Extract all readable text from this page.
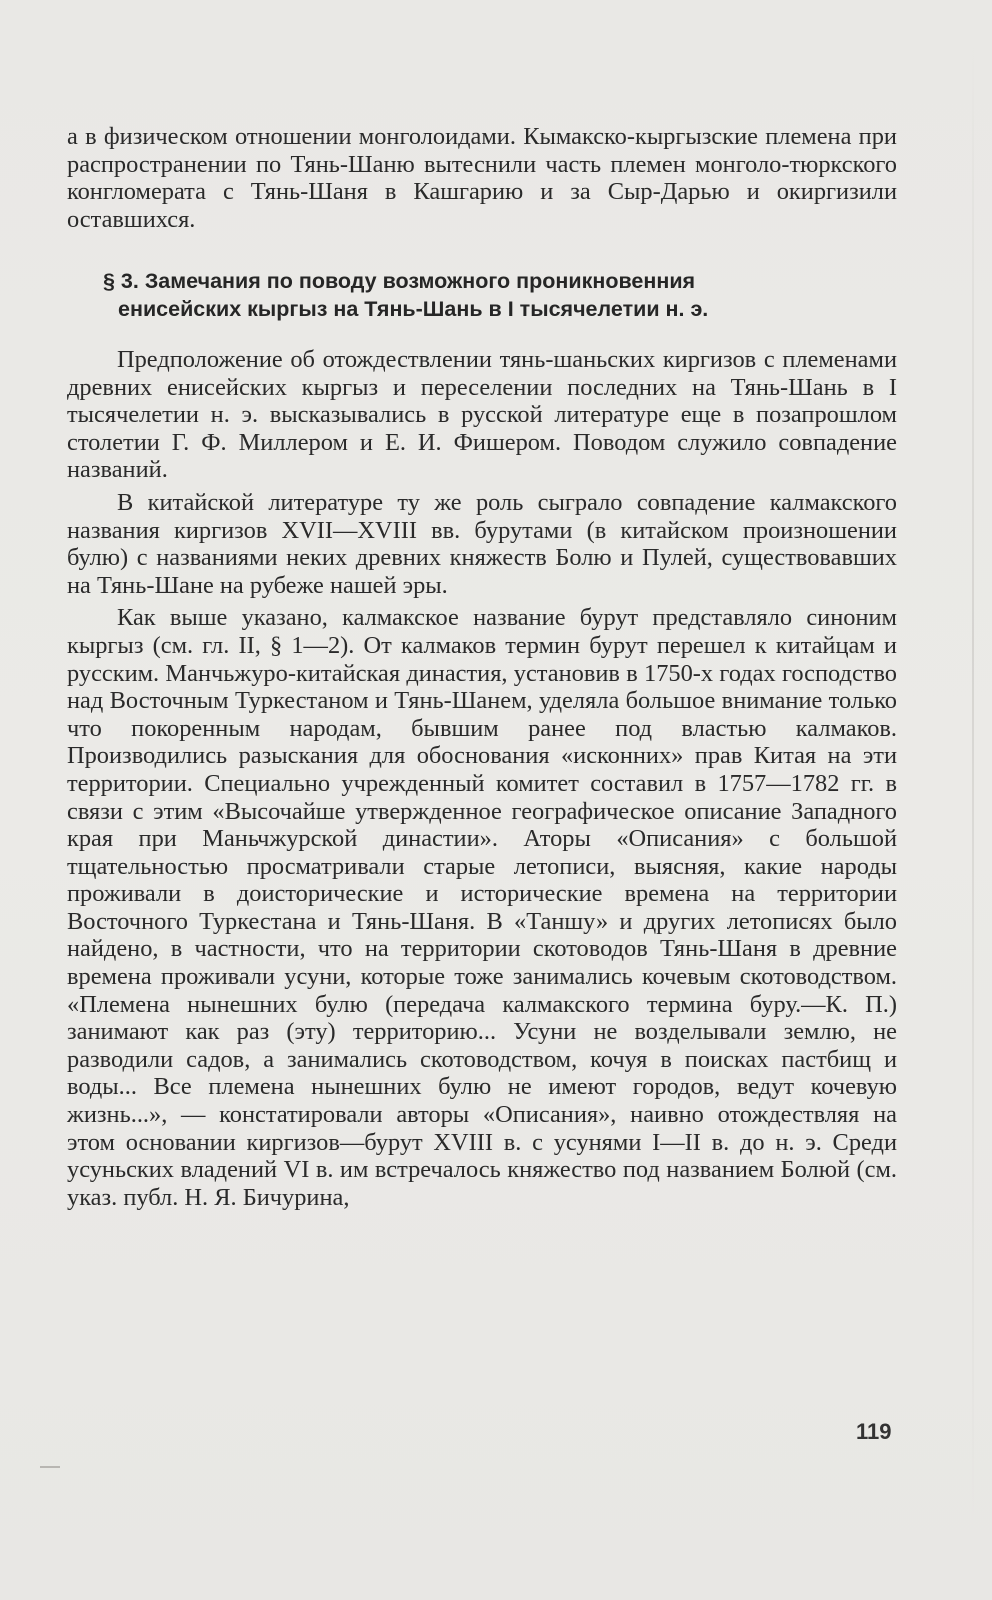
а в физическом отношении монголоидами. Кымакско-кыргызские племена при распространении по Тянь-Шаню вытеснили часть племен монголо-тюркского конгломерата с Тянь-Шаня в Кашгарию и за Сыр-Дарью и окиргизили оставшихся.

§ 3. Замечания по поводу возможного проникновенния
енисейских кыргыз на Тянь-Шань в I тысячелетии н. э.

Предположение об отождествлении тянь-шаньских киргизов с племенами древних енисейских кыргыз и переселении последних на Тянь-Шань в I тысячелетии н. э. высказывались в русской литературе еще в позапрошлом столетии Г. Ф. Миллером и Е. И. Фишером. Поводом служило совпадение названий.

В китайской литературе ту же роль сыграло совпадение калмакского названия киргизов XVII—XVIII вв. бурутами (в китайском произношении булю) с названиями неких древних княжеств Болю и Пулей, существовавших на Тянь-Шане на рубеже нашей эры.

Как выше указано, калмакское название бурут представляло синоним кыргыз (см. гл. II, § 1—2). От калмаков термин бурут перешел к китайцам и русским. Манчьжуро-китайская династия, установив в 1750-х годах господство над Восточным Туркестаном и Тянь-Шанем, уделяла большое внимание только что покоренным народам, бывшим ранее под властью калмаков. Производились разыскания для обоснования «исконних» прав Китая на эти территории. Специально учрежденный комитет составил в 1757—1782 гг. в связи с этим «Высочайше утвержденное географическое описание Западного края при Маньчжурской династии». Аторы «Описания» с большой тщательностью просматривали старые летописи, выясняя, какие народы проживали в доисторические и исторические времена на территории Восточного Туркестана и Тянь-Шаня. В «Таншу» и других летописях было найдено, в частности, что на территории скотоводов Тянь-Шаня в древние времена проживали усуни, которые тоже занимались кочевым скотоводством. «Племена нынешних булю (передача калмакского термина буру.—К. П.) занимают как раз (эту) территорию... Усуни не возделывали землю, не разводили садов, а занимались скотоводством, кочуя в поисках пастбищ и воды... Все племена нынешних булю не имеют городов, ведут кочевую жизнь...», — констатировали авторы «Описания», наивно отождествляя на этом основании киргизов—бурут XVIII в. с усунями I—II в. до н. э. Среди усуньских владений VI в. им встречалось княжество под названием Болюй (см. указ. публ. Н. Я. Бичурина,

119
